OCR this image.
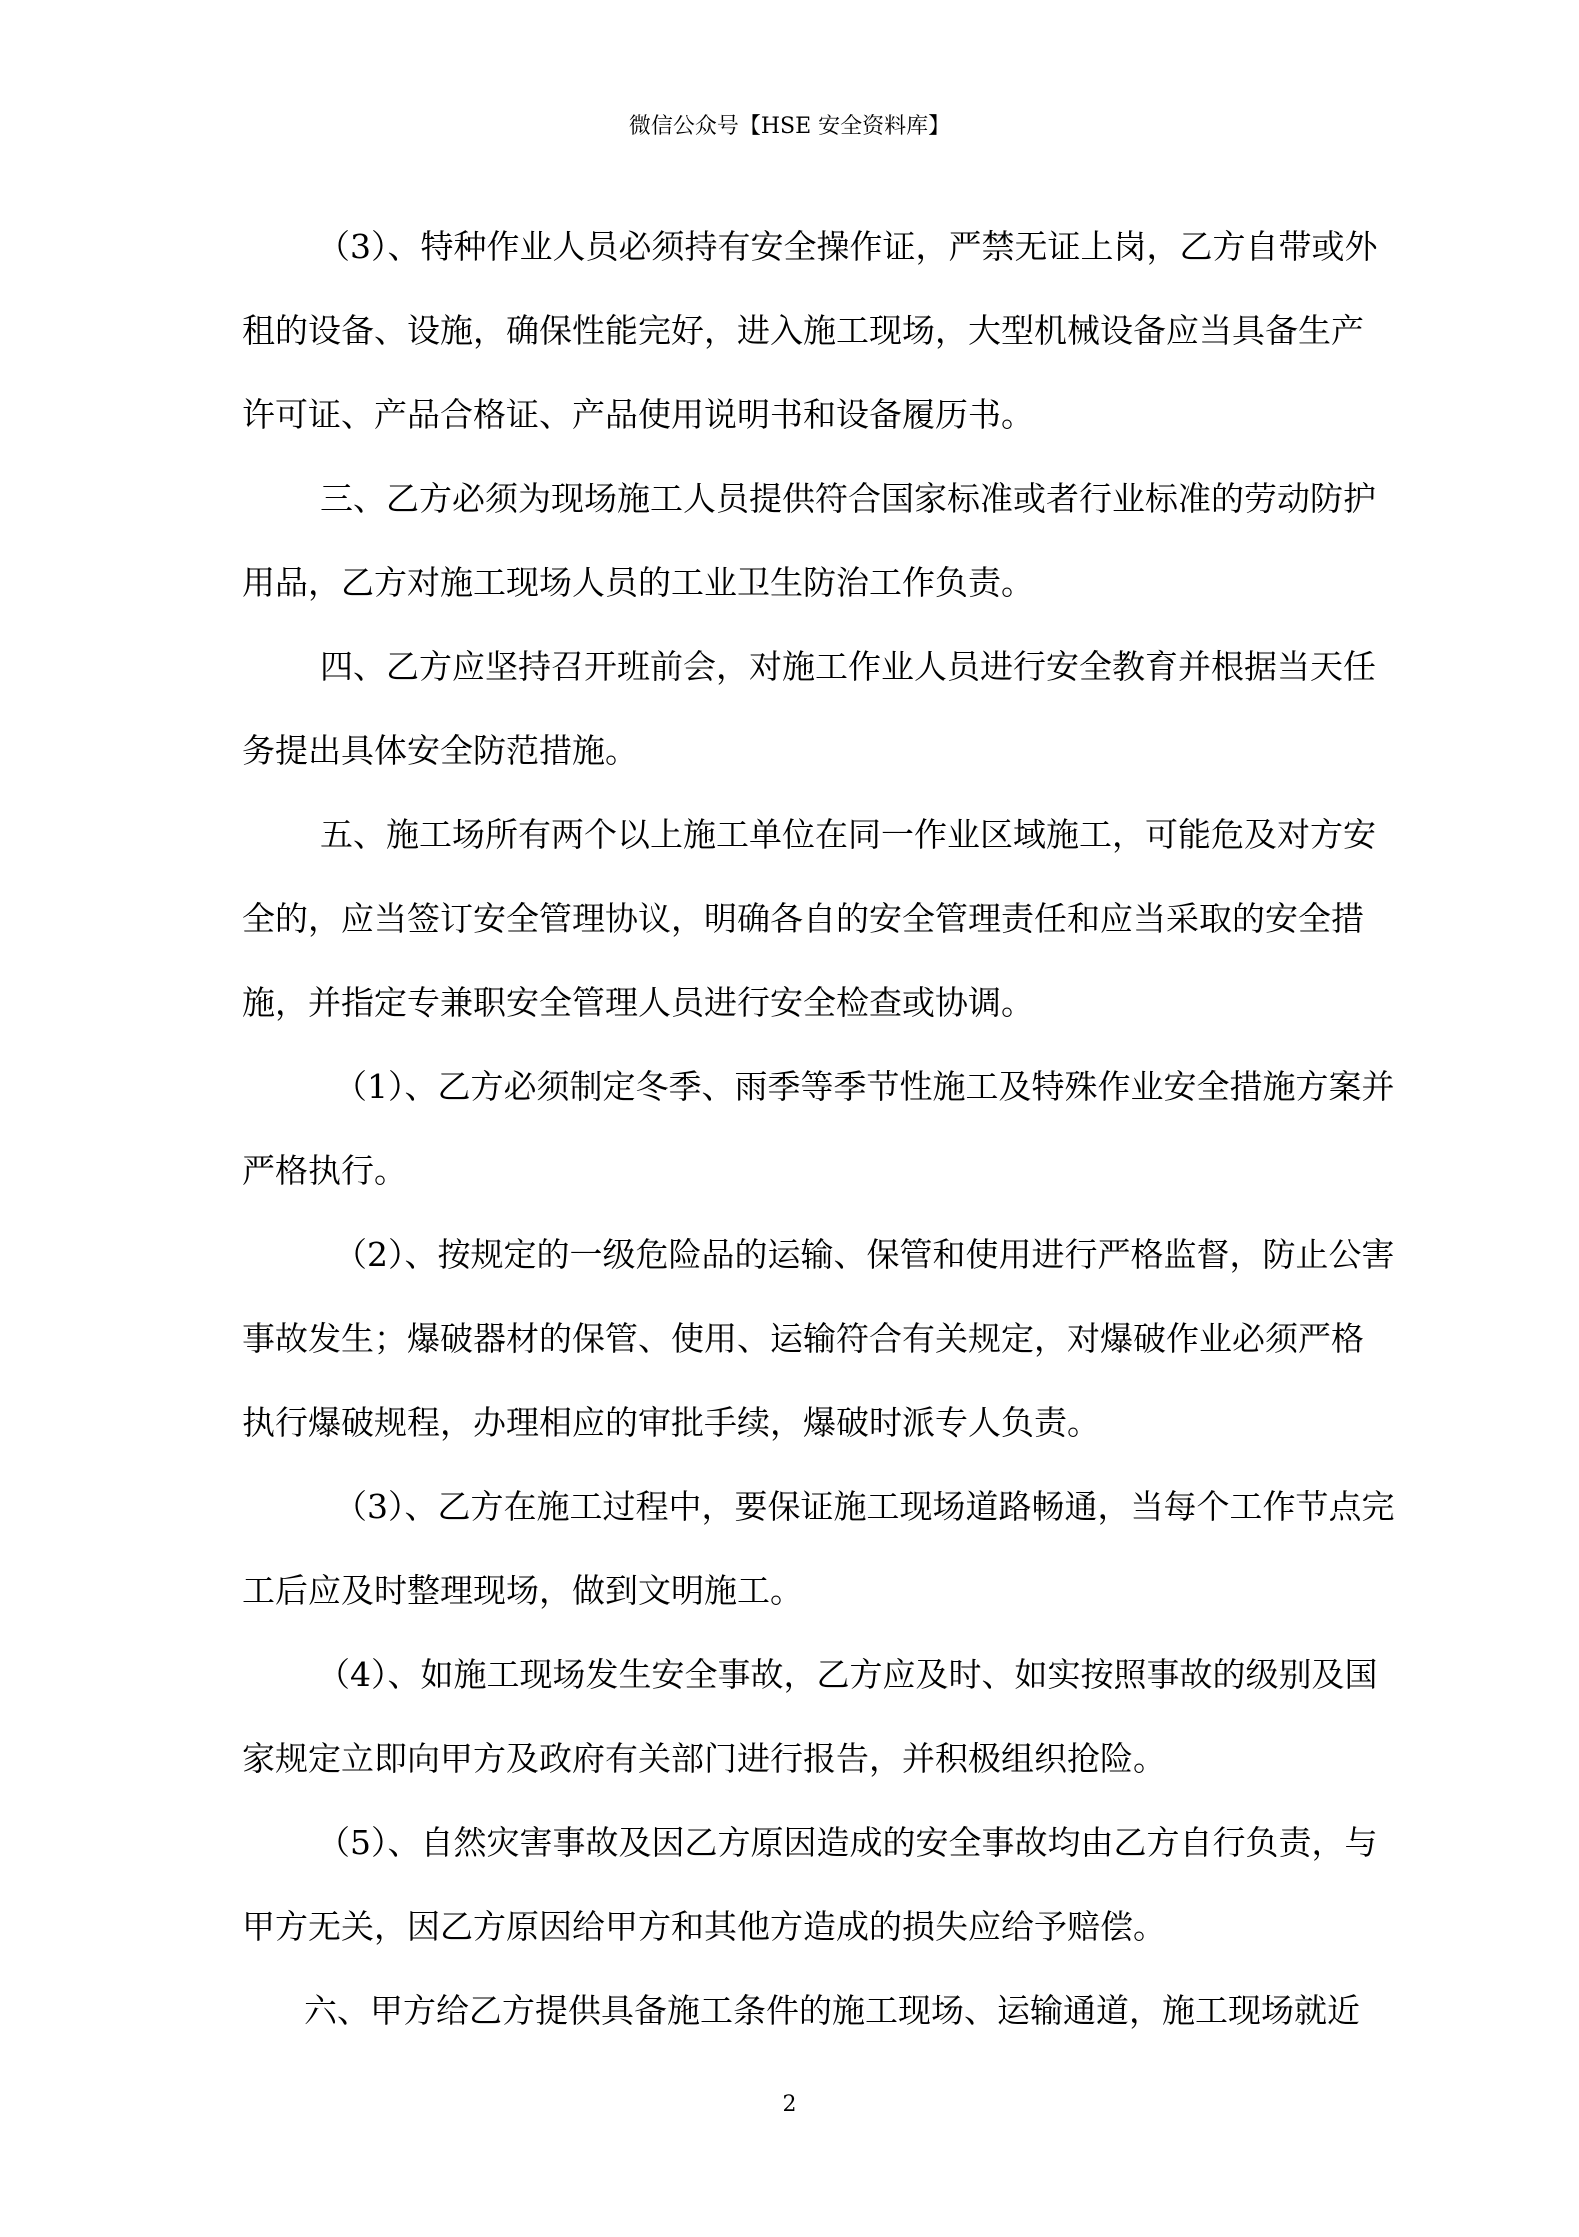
微信公众号【HSE 安全资料库】
（3）、特种作业人员必须持有安全操作证，严禁无证上岗，乙方自带或外
租的设备、设施，确保性能完好，进入施工现场，大型机械设备应当具备生产
许可证、产品合格证、产品使用说明书和设备履历书。
三、乙方必须为现场施工人员提供符合国家标准或者行业标准的劳动防护
用品，乙方对施工现场人员的工业卫生防治工作负责。
四、乙方应坚持召开班前会，对施工作业人员进行安全教育并根据当天任
务提出具体安全防范措施。
五、施工场所有两个以上施工单位在同一作业区域施工，可能危及对方安
全的，应当签订安全管理协议，明确各自的安全管理责任和应当采取的安全措
施，并指定专兼职安全管理人员进行安全检查或协调。
（1）、乙方必须制定冬季、雨季等季节性施工及特殊作业安全措施方案并
严格执行。
（2）、按规定的一级危险品的运输、保管和使用进行严格监督，防止公害
事故发生；爆破器材的保管、使用、运输符合有关规定，对爆破作业必须严格
执行爆破规程，办理相应的审批手续，爆破时派专人负责。
（3）、乙方在施工过程中，要保证施工现场道路畅通，当每个工作节点完
工后应及时整理现场，做到文明施工。
（4）、如施工现场发生安全事故，乙方应及时、如实按照事故的级别及国
家规定立即向甲方及政府有关部门进行报告，并积极组织抢险。
（5）、自然灾害事故及因乙方原因造成的安全事故均由乙方自行负责，与
甲方无关，因乙方原因给甲方和其他方造成的损失应给予赔偿。
六、甲方给乙方提供具备施工条件的施工现场、运输通道，施工现场就近
2
